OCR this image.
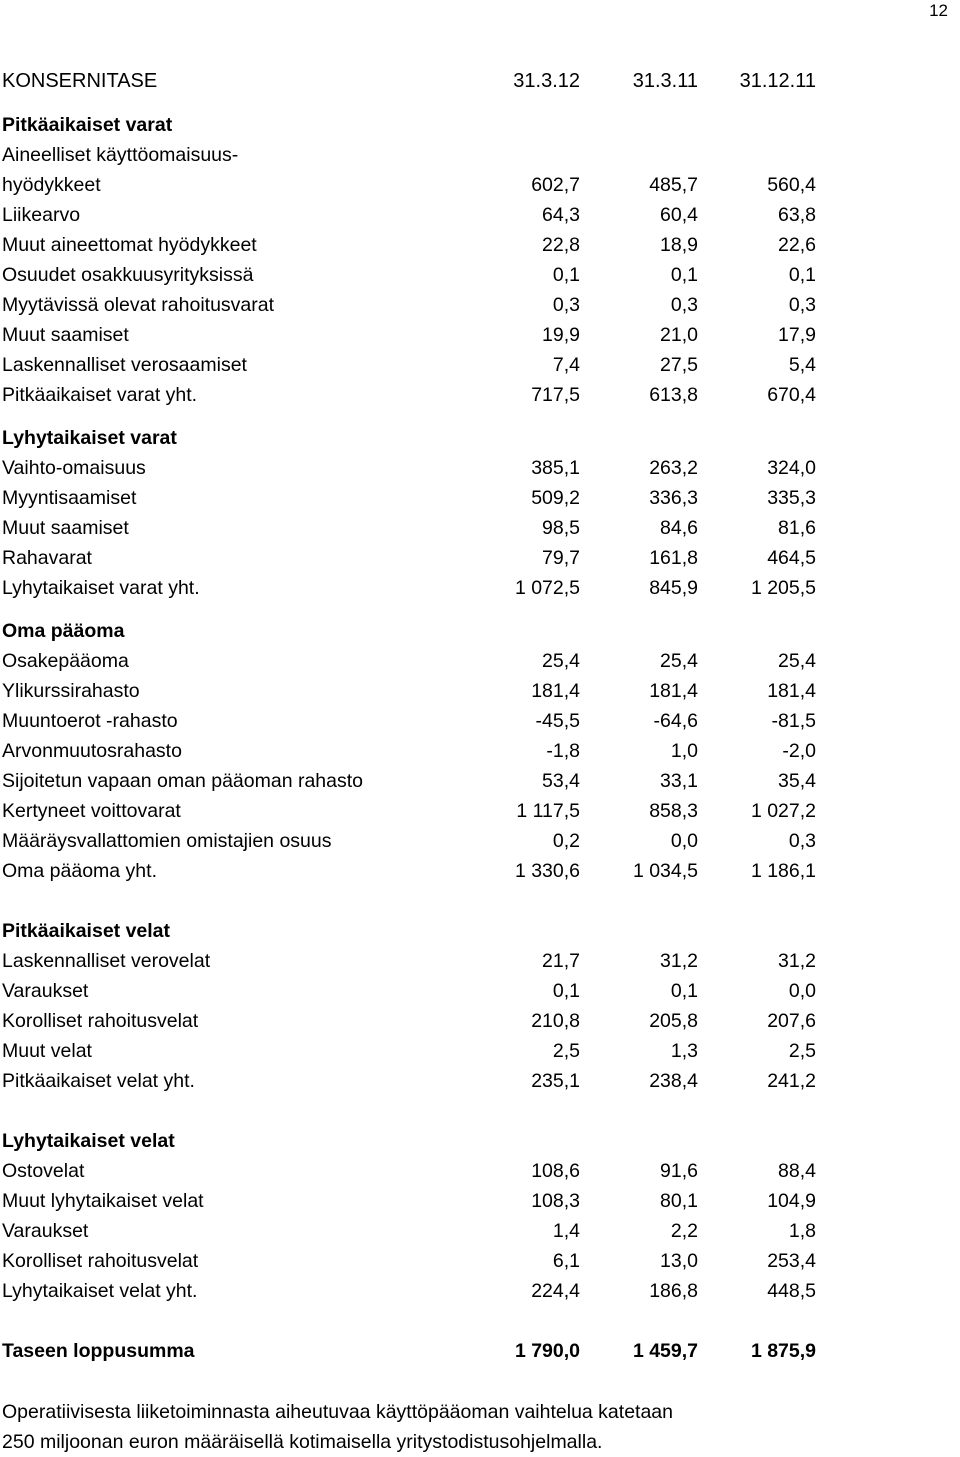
12
KONSERNITASE	31.3.12	31.3.11	31.12.11
Pitkäaikaiset varat
Aineelliset käyttöomaisuus-
hyödykkeet	602,7	485,7	560,4
Liikearvo	64,3	60,4	63,8
Muut aineettomat hyödykkeet	22,8	18,9	22,6
Osuudet osakkuusyrityksissä	0,1	0,1	0,1
Myytävissä olevat rahoitusvarat	0,3	0,3	0,3
Muut saamiset	19,9	21,0	17,9
Laskennalliset verosaamiset	7,4	27,5	5,4
Pitkäaikaiset varat yht.	717,5	613,8	670,4
Lyhytaikaiset varat
Vaihto-omaisuus	385,1	263,2	324,0
Myyntisaamiset	509,2	336,3	335,3
Muut saamiset	98,5	84,6	81,6
Rahavarat	79,7	161,8	464,5
Lyhytaikaiset varat yht.	1 072,5	845,9	1 205,5
Oma pääoma
Osakepääoma	25,4	25,4	25,4
Ylikurssirahasto	181,4	181,4	181,4
Muuntoerot -rahasto	-45,5	-64,6	-81,5
Arvonmuutosrahasto	-1,8	1,0	-2,0
Sijoitetun vapaan oman pääoman rahasto	53,4	33,1	35,4
Kertyneet voittovarat	1 117,5	858,3	1 027,2
Määräysvallattomien omistajien osuus	0,2	0,0	0,3
Oma pääoma yht.	1 330,6	1 034,5	1 186,1
Pitkäaikaiset velat
Laskennalliset verovelat	21,7	31,2	31,2
Varaukset	0,1	0,1	0,0
Korolliset rahoitusvelat	210,8	205,8	207,6
Muut velat	2,5	1,3	2,5
Pitkäaikaiset velat yht.	235,1	238,4	241,2
Lyhytaikaiset velat
Ostovelat	108,6	91,6	88,4
Muut lyhytaikaiset velat	108,3	80,1	104,9
Varaukset	1,4	2,2	1,8
Korolliset rahoitusvelat	6,1	13,0	253,4
Lyhytaikaiset velat yht.	224,4	186,8	448,5
Taseen loppusumma	1 790,0	1 459,7	1 875,9
Operatiivisesta liiketoiminnasta aiheutuvaa käyttöpääoman vaihtelua katetaan
250 miljoonan euron määräisellä kotimaisella yritystodistusohjelmalla.
